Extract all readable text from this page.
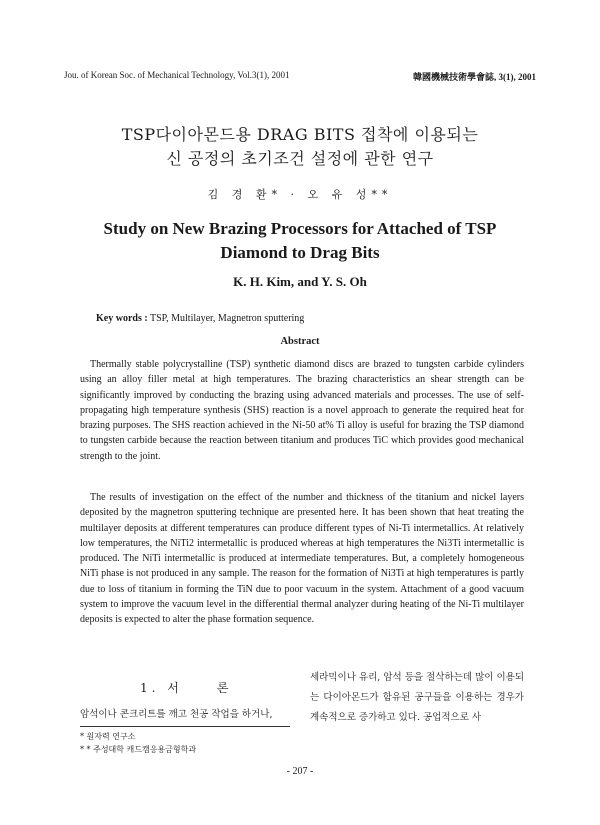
Jou. of Korean Soc. of Mechanical Technology, Vol.3(1), 2001	韓國機械技術學會誌, 3(1), 2001
TSP다이아몬드용 DRAG BITS 접착에 이용되는
신 공정의 초기조건 설정에 관한 연구
김 경 환* · 오 유 성**
Study on New Brazing Processors for Attached of TSP
Diamond to Drag Bits
K. H. Kim, and Y. S. Oh
Key words : TSP, Multilayer, Magnetron sputtering
Abstract

Thermally stable polycrystalline (TSP) synthetic diamond discs are brazed to tungsten carbide cylinders using an alloy filler metal at high temperatures. The brazing characteristics an shear strength can be significantly improved by conducting the brazing using advanced materials and processes. The use of self-propagating high temperature synthesis (SHS) reaction is a novel approach to generate the required heat for brazing purposes. The SHS reaction achieved in the Ni-50 at% Ti alloy is useful for brazing the TSP diamond to tungsten carbide because the reaction between titanium and produces TiC which provides good mechanical strength to the joint.

The results of investigation on the effect of the number and thickness of the titanium and nickel layers deposited by the magnetron sputtering technique are presented here. It has been shown that heat treating the multilayer deposits at different temperatures can produce different types of Ni-Ti intermetallics. At relatively low temperatures, the NiTi2 intermetallic is produced whereas at high temperatures the Ni3Ti intermetallic is produced. The NiTi intermetallic is produced at intermediate temperatures. But, a completely homogeneous NiTi phase is not produced in any sample. The reason for the formation of Ni3Ti at high temperatures is partly due to loss of titanium in forming the TiN due to poor vacuum in the system. Attachment of a good vacuum system to improve the vacuum level in the differential thermal analyzer during heating of the Ni-Ti multilayer deposits is expected to alter the phase formation sequence.

1. 서	론
암석이나 콘크리트를 깨고 천공 작업을 하거나,

세라믹이나 유리, 암석 등을 절삭하는데 많이 이용되는 다이아몬드가 함유된 공구들을 이용하는 경우가 계속적으로 증가하고 있다. 공업적으로 사

* 원자력 연구소
* * 주성대학 캐드캠응용금형학과
- 207 -
